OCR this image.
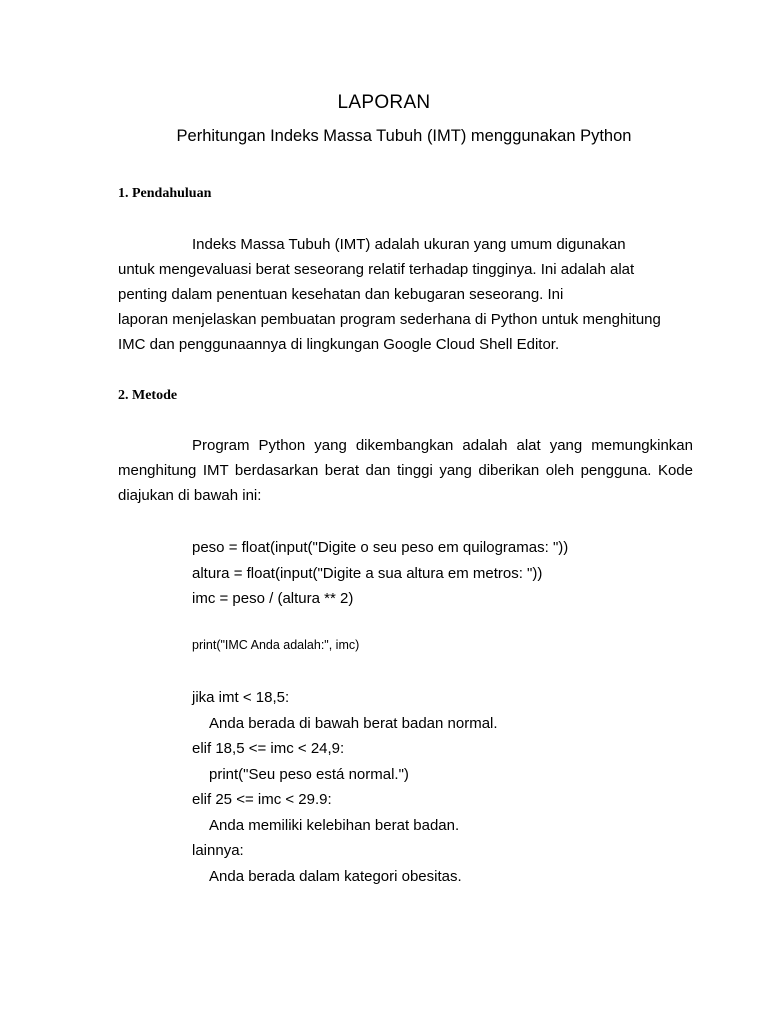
LAPORAN
Perhitungan Indeks Massa Tubuh (IMT) menggunakan Python
1. Pendahuluan
Indeks Massa Tubuh (IMT) adalah ukuran yang umum digunakan
untuk mengevaluasi berat seseorang relatif terhadap tingginya. Ini adalah alat
penting dalam penentuan kesehatan dan kebugaran seseorang. Ini
laporan menjelaskan pembuatan program sederhana di Python untuk menghitung
IMC dan penggunaannya di lingkungan Google Cloud Shell Editor.
2. Metode
Program Python yang dikembangkan adalah alat yang memungkinkan
menghitung IMT berdasarkan berat dan tinggi yang diberikan oleh pengguna. Kode
diajukan di bawah ini:
peso = float(input("Digite o seu peso em quilogramas: "))
altura = float(input("Digite a sua altura em metros: "))
imc = peso / (altura ** 2)
print("IMC Anda adalah:", imc)
jika imt < 18,5:
Anda berada di bawah berat badan normal.
elif 18,5 <= imc < 24,9:
print("Seu peso está normal.")
elif 25 <= imc < 29.9:
Anda memiliki kelebihan berat badan.
lainnya:
Anda berada dalam kategori obesitas.
